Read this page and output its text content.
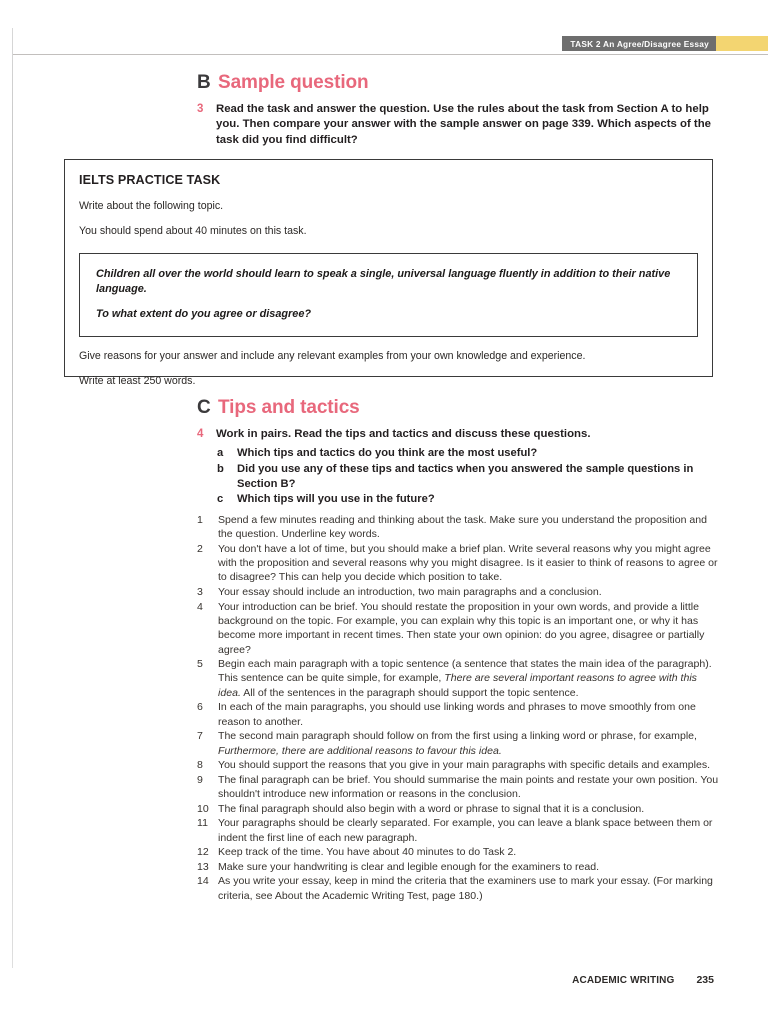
TASK 2 An Agree/Disagree Essay
B Sample question
3	Read the task and answer the question. Use the rules about the task from Section A to help you. Then compare your answer with the sample answer on page 339. Which aspects of the task did you find difficult?
IELTS PRACTICE TASK
Write about the following topic.
You should spend about 40 minutes on this task.
Children all over the world should learn to speak a single, universal language fluently in addition to their native language.
To what extent do you agree or disagree?
Give reasons for your answer and include any relevant examples from your own knowledge and experience.
Write at least 250 words.
C Tips and tactics
4	Work in pairs. Read the tips and tactics and discuss these questions.
a	Which tips and tactics do you think are the most useful?
b	Did you use any of these tips and tactics when you answered the sample questions in Section B?
c	Which tips will you use in the future?
1	Spend a few minutes reading and thinking about the task. Make sure you understand the proposition and the question. Underline key words.
2	You don't have a lot of time, but you should make a brief plan. Write several reasons why you might agree with the proposition and several reasons why you might disagree. Is it easier to think of reasons to agree or to disagree? This can help you decide which position to take.
3	Your essay should include an introduction, two main paragraphs and a conclusion.
4	Your introduction can be brief. You should restate the proposition in your own words, and provide a little background on the topic. For example, you can explain why this topic is an important one, or why it has become more important in recent times. Then state your own opinion: do you agree, disagree or partially agree?
5	Begin each main paragraph with a topic sentence (a sentence that states the main idea of the paragraph). This sentence can be quite simple, for example, There are several important reasons to agree with this idea. All of the sentences in the paragraph should support the topic sentence.
6	In each of the main paragraphs, you should use linking words and phrases to move smoothly from one reason to another.
7	The second main paragraph should follow on from the first using a linking word or phrase, for example, Furthermore, there are additional reasons to favour this idea.
8	You should support the reasons that you give in your main paragraphs with specific details and examples.
9	The final paragraph can be brief. You should summarise the main points and restate your own position. You shouldn't introduce new information or reasons in the conclusion.
10 The final paragraph should also begin with a word or phrase to signal that it is a conclusion.
11 Your paragraphs should be clearly separated. For example, you can leave a blank space between them or indent the first line of each new paragraph.
12 Keep track of the time. You have about 40 minutes to do Task 2.
13 Make sure your handwriting is clear and legible enough for the examiners to read.
14 As you write your essay, keep in mind the criteria that the examiners use to mark your essay. (For marking criteria, see About the Academic Writing Test, page 180.)
ACADEMIC WRITING 235
